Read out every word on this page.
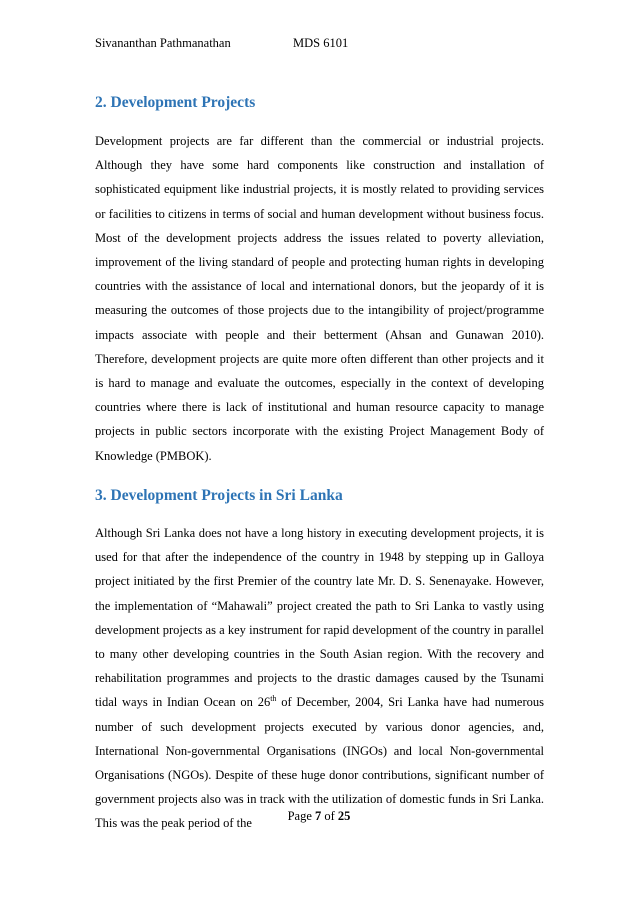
Sivananthan Pathmanathan	MDS 6101
2. Development Projects

Development projects are far different than the commercial or industrial projects. Although they have some hard components like construction and installation of sophisticated equipment like industrial projects, it is mostly related to providing services or facilities to citizens in terms of social and human development without business focus. Most of the development projects address the issues related to poverty alleviation, improvement of the living standard of people and protecting human rights in developing countries with the assistance of local and international donors, but the jeopardy of it is measuring the outcomes of those projects due to the intangibility of project/programme impacts associate with people and their betterment (Ahsan and Gunawan 2010). Therefore, development projects are quite more often different than other projects and it is hard to manage and evaluate the outcomes, especially in the context of developing countries where there is lack of institutional and human resource capacity to manage projects in public sectors incorporate with the existing Project Management Body of Knowledge (PMBOK).

3. Development Projects in Sri Lanka

Although Sri Lanka does not have a long history in executing development projects, it is used for that after the independence of the country in 1948 by stepping up in Galloya project initiated by the first Premier of the country late Mr. D. S. Senenayake. However, the implementation of “Mahawali” project created the path to Sri Lanka to vastly using development projects as a key instrument for rapid development of the country in parallel to many other developing countries in the South Asian region. With the recovery and rehabilitation programmes and projects to the drastic damages caused by the Tsunami tidal ways in Indian Ocean on 26th of December, 2004, Sri Lanka have had numerous number of such development projects executed by various donor agencies, and, International Non-governmental Organisations (INGOs) and local Non-governmental Organisations (NGOs). Despite of these huge donor contributions, significant number of government projects also was in track with the utilization of domestic funds in Sri Lanka. This was the peak period of the

Page 7 of 25
